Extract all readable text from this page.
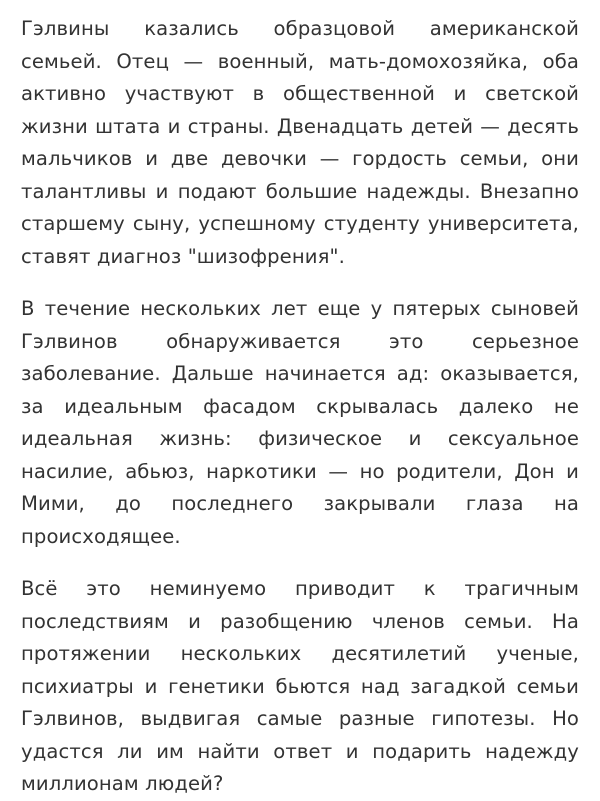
Гэлвины казались образцовой американской семьей. Отец — военный, мать-домохозяйка, оба активно участвуют в общественной и светской жизни штата и страны. Двенадцать детей — десять мальчиков и две девочки — гордость семьи, они талантливы и подают большие надежды. Внезапно старшему сыну, успешному студенту университета, ставят диагноз "шизофрения".

В течение нескольких лет еще у пятерых сыновей Гэлвинов обнаруживается это серьезное заболевание. Дальше начинается ад: оказывается, за идеальным фасадом скрывалась далеко не идеальная жизнь: физическое и сексуальное насилие, абьюз, наркотики — но родители, Дон и Мими, до последнего закрывали глаза на происходящее.

Всё это неминуемо приводит к трагичным последствиям и разобщению членов семьи. На протяжении нескольких десятилетий ученые, психиатры и генетики бьются над загадкой семьи Гэлвинов, выдвигая самые разные гипотезы. Но удастся ли им найти ответ и подарить надежду миллионам людей?
